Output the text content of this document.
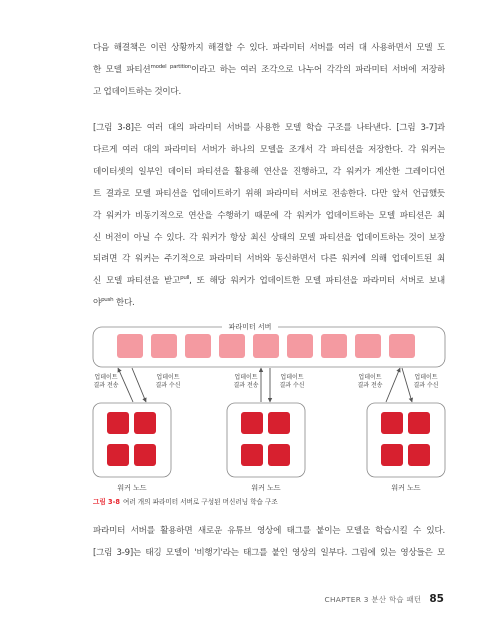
다음 해결책은 이런 상황까지 해결할 수 있다. 파라미터 서버를 여러 대 사용하면서 모델 도
한 모델 파티션$^{model partition}$이라고 하는 여러 조각으로 나누어 각각의 파라미터 서버에 저장하
고 업데이트하는 것이다.

[그림 3-8]은 여러 대의 파라미터 서버를 사용한 모델 학습 구조를 나타낸다. [그림 3-7]과
다르게 여러 대의 파라미터 서버가 하나의 모델을 조개서 각 파티션을 저장한다. 각 워커는
데이터셋의 일부인 데이터 파티션을 활용해 연산을 진행하고, 각 워커가 계산한 그레이디언
트 결과로 모델 파티션을 업데이트하기 위해 파라미터 서버로 전송한다. 다만 앞서 언급했듯
각 워커가 비동기적으로 연산을 수행하기 때문에 각 워커가 업데이트하는 모델 파티션은 최
신 버전이 아닐 수 있다. 각 워커가 항상 최신 상태의 모델 파티션을 업데이트하는 것이 보장
되려면 각 워커는 주기적으로 파라미터 서버와 동신하면서 다른 워커에 의해 업데이트된 최
신 모델 파티션을 받고$^{pull}$, 또 해당 워커가 업데이트한 모델 파티션을 파라미터 서버로 보내
야$^{push}$ 한다.

파라미터 서버
업데이트
결과 전송
업데이트
결과 수신
업데이트
결과 전송
업데이트
결과 수신
업데이트
결과 전송
업데이트
결과 수신
워커 노드	워커 노드	워커 노드
그림 3-8 여러 개의 파라미터 서버로 구성된 머신러닝 학습 구조

파라미터 서버를 활용하면 새로운 유튜브 영상에 태그를 붙이는 모델을 학습시킬 수 있다.
[그림 3-9]는 태깅 모델이 '비행기'라는 태그를 붙인 영상의 일부다. 그림에 있는 영상들은 모

CHAPTER 3 분산 학습 패턴 85
